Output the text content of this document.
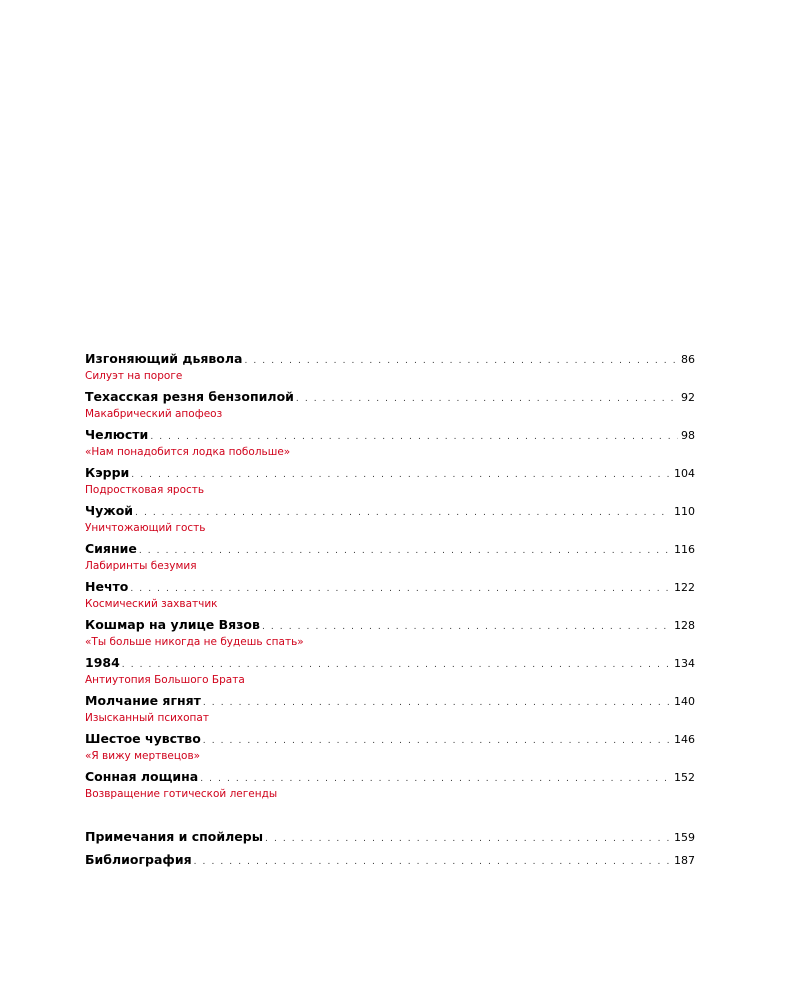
Изгоняющий дьявола . . .	86
Силуэт на пороге
Техасская резня бензопилой . . .	92
Макабрический апофеоз
Челюсти . . .	98
«Нам понадобится лодка побольше»
Кэрри . . .	104
Подростковая ярость
Чужой . . .	110
Уничтожающий гость
Сияние . . .	116
Лабиринты безумия
Нечто . . .	122
Космический захватчик
Кошмар на улице Вязов . . .	128
«Ты больше никогда не будешь спать»
1984 . . .	134
Антиутопия Большого Брата
Молчание ягнят . . .	140
Изысканный психопат
Шестое чувство . . .	146
«Я вижу мертвецов»
Сонная лощина . . .	152
Возвращение готической легенды
Примечания и спойлеры . . .	159
Библиография . . .	187
